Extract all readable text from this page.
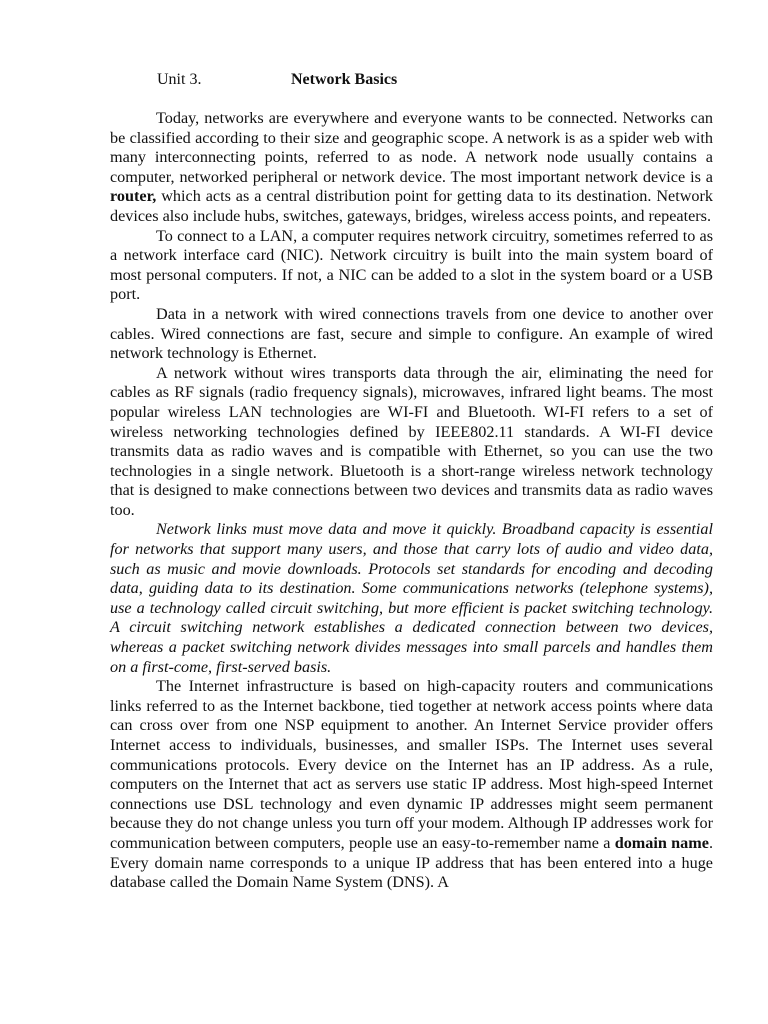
Unit 3.	Network Basics

Today, networks are everywhere and everyone wants to be connected. Networks can be classified according to their size and geographic scope. A network is as a spider web with many interconnecting points, referred to as node. A network node usually contains a computer, networked peripheral or network device. The most important network device is a router, which acts as a central distribution point for getting data to its destination. Network devices also include hubs, switches, gateways, bridges, wireless access points, and repeaters.

To connect to a LAN, a computer requires network circuitry, sometimes referred to as a network interface card (NIC). Network circuitry is built into the main system board of most personal computers. If not, a NIC can be added to a slot in the system board or a USB port.

Data in a network with wired connections travels from one device to another over cables. Wired connections are fast, secure and simple to configure. An example of wired network technology is Ethernet.

A network without wires transports data through the air, eliminating the need for cables as RF signals (radio frequency signals), microwaves, infrared light beams. The most popular wireless LAN technologies are WI-FI and Bluetooth. WI-FI refers to a set of wireless networking technologies defined by IEEE802.11 standards. A WI-FI device transmits data as radio waves and is compatible with Ethernet, so you can use the two technologies in a single network. Bluetooth is a short-range wireless network technology that is designed to make connections between two devices and transmits data as radio waves too.

Network links must move data and move it quickly. Broadband capacity is essential for networks that support many users, and those that carry lots of audio and video data, such as music and movie downloads. Protocols set standards for encoding and decoding data, guiding data to its destination. Some communications networks (telephone systems), use a technology called circuit switching, but more efficient is packet switching technology. A circuit switching network establishes a dedicated connection between two devices, whereas a packet switching network divides messages into small parcels and handles them on a first-come, first-served basis.

The Internet infrastructure is based on high-capacity routers and communications links referred to as the Internet backbone, tied together at network access points where data can cross over from one NSP equipment to another. An Internet Service provider offers Internet access to individuals, businesses, and smaller ISPs. The Internet uses several communications protocols. Every device on the Internet has an IP address. As a rule, computers on the Internet that act as servers use static IP address. Most high-speed Internet connections use DSL technology and even dynamic IP addresses might seem permanent because they do not change unless you turn off your modem. Although IP addresses work for communication between computers, people use an easy-to-remember name a domain name. Every domain name corresponds to a unique IP address that has been entered into a huge database called the Domain Name System (DNS). A
